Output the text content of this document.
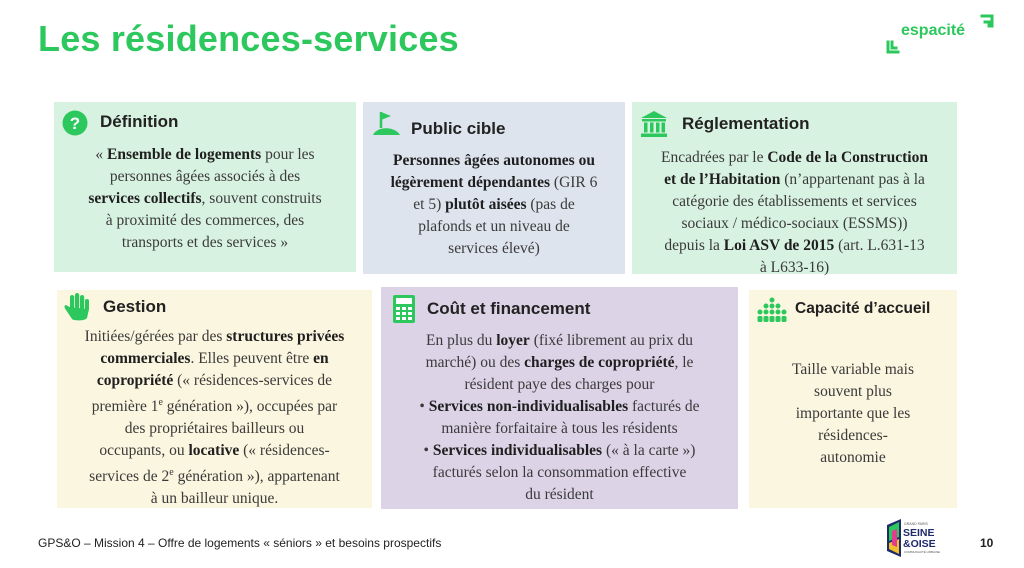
Les résidences-services	espacité
? Définition
« Ensemble de logements pour les
personnes âgées associés à des
services collectifs, souvent construits
à proximité des commerces, des
transports et des services »
Public cible
Personnes âgées autonomes ou
légèrement dépendantes (GIR 6
et 5) plutôt aisées (pas de
plafonds et un niveau de
services élevé)
Réglementation
Encadrées par le Code de la Construction
et de l’Habitation (n’appartenant pas à la
catégorie des établissements et services
sociaux / médico-sociaux (ESSMS))
depuis la Loi ASV de 2015 (art. L.631-13
à L633-16)
Gestion
Initiées/gérées par des structures privées
commerciales. Elles peuvent être en
copropriété (« résidences-services de
première 1e génération »), occupées par
des propriétaires bailleurs ou
occupants, ou locative (« résidences-
services de 2e génération »), appartenant
à un bailleur unique.
Coût et financement
En plus du loyer (fixé librement au prix du
marché) ou des charges de copropriété, le
résident paye des charges pour
• Services non-individualisables facturés de
manière forfaitaire à tous les résidents
• Services individualisables (« à la carte »)
facturés selon la consommation effective
du résident
Capacité d’accueil
Taille variable mais
souvent plus
importante que les
résidences-
autonomie
GPS&O – Mission 4 – Offre de logements « séniors » et besoins prospectifs
GRAND PARIS
SEINE
&OISE
COMMUNAUTÉ URBAINE
10
